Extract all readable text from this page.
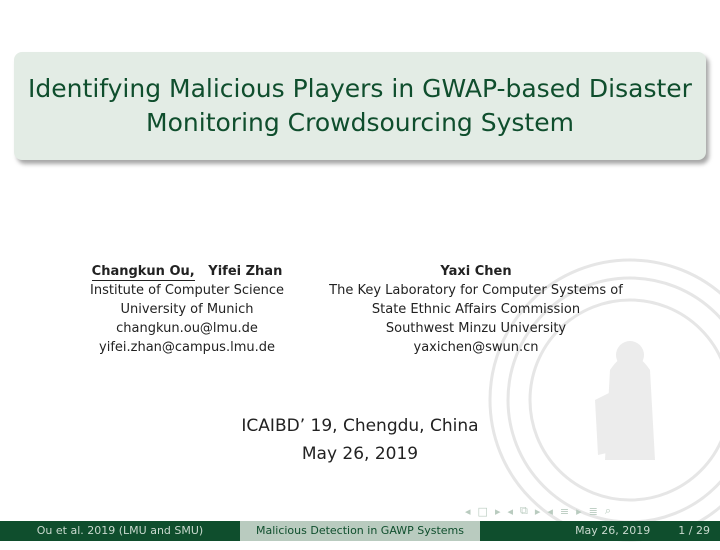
Identifying Malicious Players in GWAP-based Disaster
Monitoring Crowdsourcing System
Changkun Ou, Yifei Zhan
Institute of Computer Science
University of Munich
changkun.ou@lmu.de
yifei.zhan@campus.lmu.de
Yaxi Chen
The Key Laboratory for Computer Systems of
State Ethnic Affairs Commission
Southwest Minzu University
yaxichen@swun.cn
ICAIBD’ 19, Chengdu, China
May 26, 2019
◂ □ ▸ ◂ ⧉ ▸ ◂ ≡ ▸ ≣ ⌕
Ou et al. 2019 (LMU and SMU)	Malicious Detection in GAWP Systems	May 26, 2019	1 / 29
